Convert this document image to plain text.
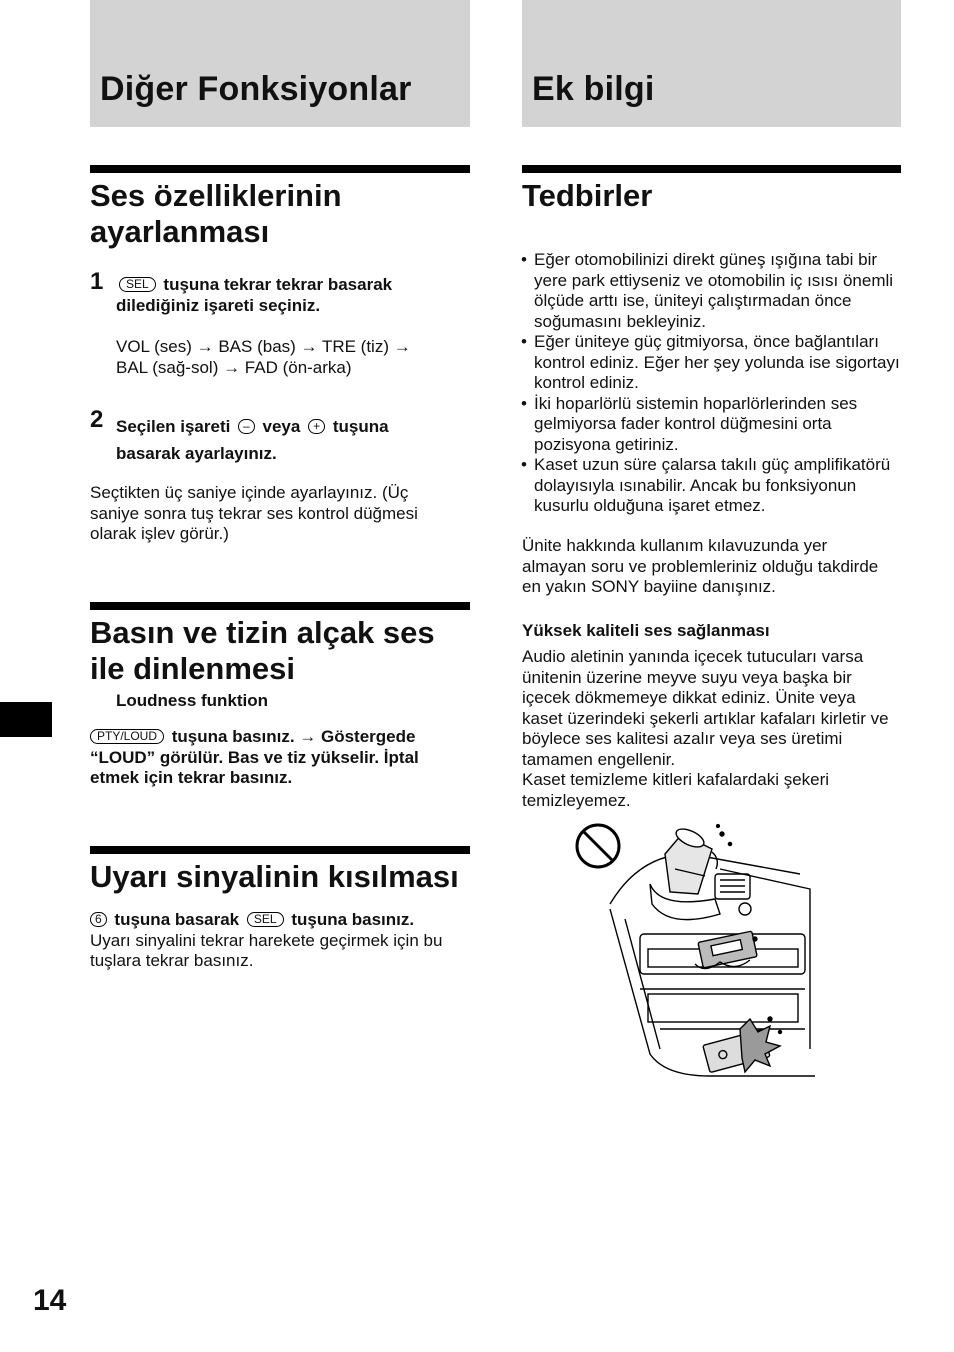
Diğer Fonksiyonlar	Ek bilgi
Ses özelliklerinin ayarlanması
1	SEL tuşuna tekrar tekrar basarak dilediğiniz işareti seçiniz.
VOL (ses) → BAS (bas) → TRE (tiz) →
BAL (sağ-sol) → FAD (ön-arka)
2 Seçilen işareti – veya + tuşuna basarak ayarlayınız.
Seçtikten üç saniye içinde ayarlayınız. (Üç saniye sonra tuş tekrar ses kontrol düğmesi olarak işlev görür.)
Basın ve tizin alçak ses ile dinlenmesi
Loudness funktion
PTY/LOUD tuşuna basınız. → Göstergede “LOUD” görülür. Bas ve tiz yükselir. İptal etmek için tekrar basınız.
Uyarı sinyalinin kısılması
6 tuşuna basarak SEL tuşuna basınız.
Uyarı sinyalini tekrar harekete geçirmek için bu tuşlara tekrar basınız.
Tedbirler
• Eğer otomobilinizi direkt güneş ışığına tabi bir yere park ettiyseniz ve otomobilin iç ısısı önemli ölçüde arttı ise, üniteyi çalıştırmadan önce soğumasını bekleyiniz.
• Eğer üniteye güç gitmiyorsa, önce bağlantıları kontrol ediniz. Eğer her şey yolunda ise sigortayı kontrol ediniz.
• İki hoparlörlü sistemin hoparlörlerinden ses gelmiyorsa fader kontrol düğmesini orta pozisyona getiriniz.
• Kaset uzun süre çalarsa takılı güç amplifikatörü dolayısıyla ısınabilir. Ancak bu fonksiyonun kusurlu olduğuna işaret etmez.
Ünite hakkında kullanım kılavuzunda yer almayan soru ve problemleriniz olduğu takdirde en yakın SONY bayiine danışınız.
Yüksek kaliteli ses sağlanması
Audio aletinin yanında içecek tutucuları varsa ünitenin üzerine meyve suyu veya başka bir içecek dökmemeye dikkat ediniz. Ünite veya kaset üzerindeki şekerli artıklar kafaları kirletir ve böylece ses kalitesi azalır veya ses üretimi tamamen engellenir.
Kaset temizleme kitleri kafalardaki şekeri temizleyemez.
14
